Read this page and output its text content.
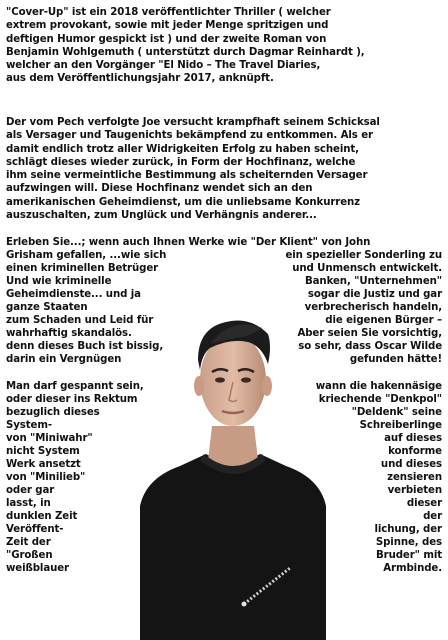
"Cover-Up" ist ein 2018 veröffentlichter Thriller ( welcher
extrem provokant, sowie mit jeder Menge spritzigen und
deftigen Humor gespickt ist ) und der zweite Roman von
Benjamin Wohlgemuth ( unterstützt durch Dagmar Reinhardt ),
welcher an den Vorgänger "El Nido – The Travel Diaries,
aus dem Veröffentlichungsjahr 2017, anknüpft.
Der vom Pech verfolgte Joe versucht krampfhaft seinem Schicksal
als Versager und Taugenichts bekämpfend zu entkommen. Als er
damit endlich trotz aller Widrigkeiten Erfolg zu haben scheint,
schlägt dieses wieder zurück, in Form der Hochfinanz, welche
ihm seine vermeintliche Bestimmung als scheiternden Versager
aufzwingen will. Diese Hochfinanz wendet sich an den
amerikanischen Geheimdienst, um die unliebsame Konkurrenz
auszuschalten, zum Unglück und Verhängnis anderer...
Erleben Sie...; wenn auch Ihnen Werke wie "Der Klient" von John
Grisham gefallen, ...wie sich	ein spezieller Sonderling zu
einen kriminellen Betrüger	und Unmensch entwickelt.
Und wie kriminelle	Banken, "Unternehmen"
Geheimdienste... und ja	sogar die Justiz und gar
ganze Staaten	verbrecherisch handeln,
zum Schaden und Leid für	die eigenen Bürger –
wahrhaftig skandalös.	Aber seien Sie vorsichtig,
denn dieses Buch ist bissig,	so sehr, dass Oscar Wilde
darin ein Vergnügen	gefunden hätte!
Man darf gespannt sein,	wann die hakennäsige
oder dieser ins Rektum	kriechende "Denkpol"
bezuglich dieses	"Deldenk" seine
System-	Schreiberlinge
von "Miniwahr"	auf dieses
nicht System	konforme
Werk ansetzt	und dieses
von "Minilieb"	zensieren
oder gar	verbieten
lasst, in	dieser
dunklen Zeit	der
Veröffent-	lichung, der
Zeit der	Spinne, des
"Großen	Bruder" mit
weißblauer	Armbinde.
